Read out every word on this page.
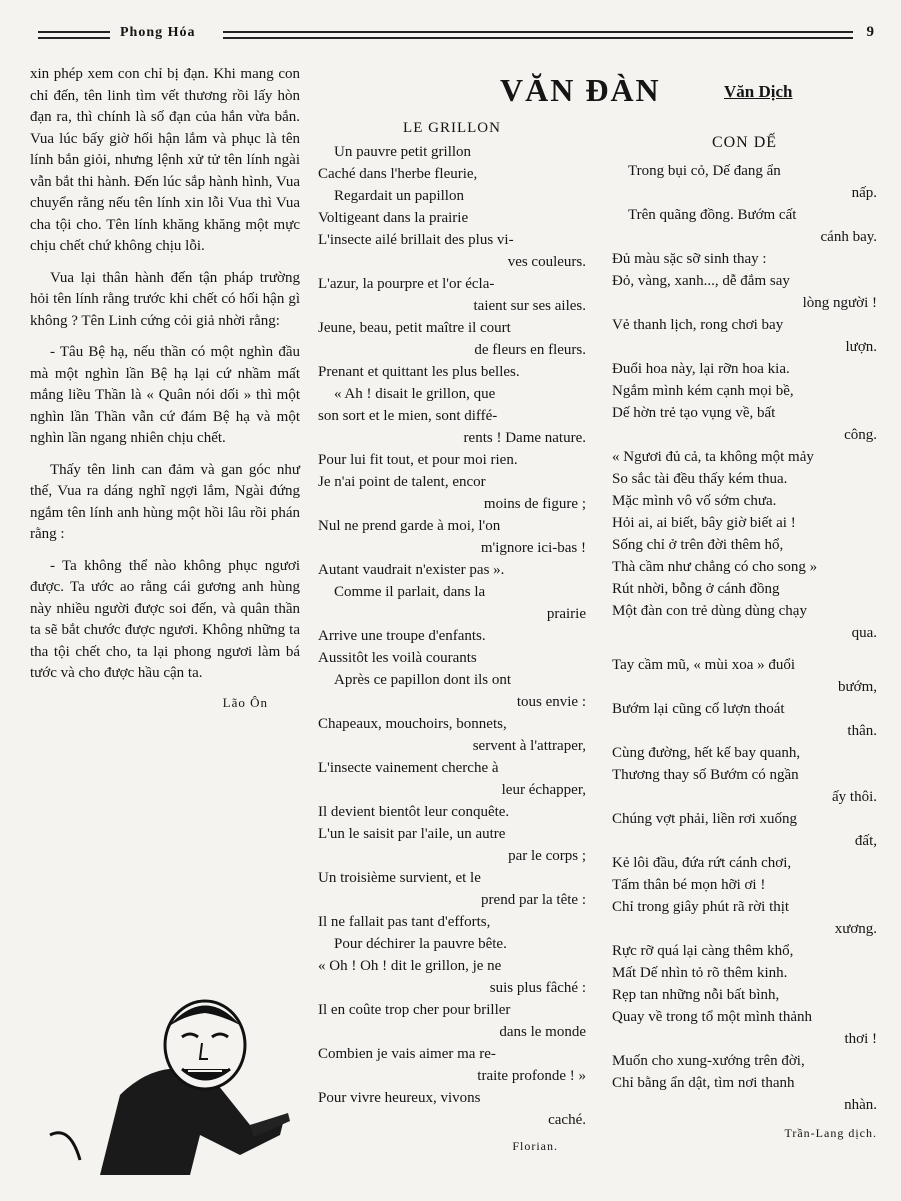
Phong Hóa	9

xin phép xem con chỉ bị đạn. Khi mang con chỉ đến, tên linh tìm vết thương rồi lấy hòn đạn ra, thì chính là số đạn của hắn vừa bắn. Vua lúc bấy giờ hối hận lắm và phục là tên lính bắn giỏi, nhưng lệnh xử tử tên lính ngài vẫn bắt thi hành. Đến lúc sắp hành hình, Vua chuyển rằng nếu tên lính xin lỗi Vua thì Vua cha tội cho. Tên lính khăng khăng một mực chịu chết chứ không chịu lỗi.

Vua lại thân hành đến tận pháp trường hỏi tên lính rằng trước khi chết có hối hận gì không ? Tên Linh cứng cỏi giả nhời rằng:

- Tâu Bệ hạ, nếu thần có một nghìn đầu mà một nghìn lần Bệ hạ lại cứ nhầm mất mắng liều Thần là « Quân nói dối » thì một nghìn lần Thần vẫn cứ đám Bệ hạ và một nghìn lần ngang nhiên chịu chết.

Thấy tên linh can đảm và gan góc như thế, Vua ra dáng nghĩ ngợi lắm, Ngài đứng ngắm tên lính anh hùng một hồi lâu rồi phán rằng :

- Ta không thể nào không phục ngươi được. Ta ước ao rằng cái gương anh hùng này nhiều người được soi đến, và quân thần ta sẽ bắt chước được ngươi. Không những ta tha tội chết cho, ta lại phong ngươi làm bá tước và cho được hầu cận ta.

Lão Ôn
VĂN ĐÀN	Văn Dịch
LE GRILLON
Un pauvre petit grillon
Caché dans l'herbe fleurie,
Regardait un papillon
Voltigeant dans la prairie
L'insecte ailé brillait des plus vi-
ves couleurs.
L'azur, la pourpre et l'or écla-
taient sur ses ailes.
Jeune, beau, petit maître il court
de fleurs en fleurs.
Prenant et quittant les plus belles.
« Ah ! disait le grillon, que
son sort et le mien, sont diffé-
rents ! Dame nature.
Pour lui fit tout, et pour moi rien.
Je n'ai point de talent, encor
moins de figure ;
Nul ne prend garde à moi, l'on
m'ignore ici-bas !
Autant vaudrait n'exister pas ».
Comme il parlait, dans la
prairie
Arrive une troupe d'enfants.
Aussitôt les voilà courants
Après ce papillon dont ils ont
tous envie :
Chapeaux, mouchoirs, bonnets,
servent à l'attraper,
L'insecte vainement cherche à
leur échapper,
Il devient bientôt leur conquête.
L'un le saisit par l'aile, un autre
par le corps ;
Un troisième survient, et le
prend par la tête :
Il ne fallait pas tant d'efforts,
Pour déchirer la pauvre bête.
« Oh ! Oh ! dit le grillon, je ne
suis plus fâché :
Il en coûte trop cher pour briller
dans le monde
Combien je vais aimer ma re-
traite profonde ! »
Pour vivre heureux, vivons
caché.
Florian.
CON DẾ
Trong bụi cỏ, Dế đang ẩn
nấp.
Trên quãng đồng. Bướm cất
cánh bay.
Đủ màu sặc sỡ sinh thay :
Đỏ, vàng, xanh..., dễ đắm say
lòng người !
Vẻ thanh lịch, rong chơi bay
lượn.
Đuổi hoa này, lại rỡn hoa kia.
Ngắm mình kém cạnh mọi bề,
Dế hờn trẻ tạo vụng về, bất
công.
« Ngươi đủ cả, ta không một mảy
So sắc tài đều thấy kém thua.
Mặc mình vô vố sớm chưa.
Hỏi ai, ai biết, bây giờ biết ai !
Sống chỉ ở trên đời thêm hổ,
Thà cầm như chẳng có cho song »
Rút nhời, bỗng ở cánh đồng
Một đàn con trẻ dùng dùng chạy
qua.
Tay cầm mũ, « mùi xoa » đuổi
bướm,
Bướm lại cũng cố lượn thoát
thân.
Cùng đường, hết kế bay quanh,
Thương thay số Bướm có ngần
ấy thôi.
Chúng vợt phải, liền rơi xuống
đất,
Kẻ lôi đầu, đứa rứt cánh chơi,
Tấm thân bé mọn hỡi ơi !
Chỉ trong giây phút rã rời thịt
xương.
Rực rỡ quá lại càng thêm khổ,
Mất Dế nhìn tỏ rõ thêm kinh.
Rẹp tan những nỗi bất bình,
Quay về trong tổ một mình thảnh
thơi !
Muốn cho xung-xướng trên đời,
Chỉ bằng ẩn dật, tìm nơi thanh
nhàn.
Trần-Lang dịch.
